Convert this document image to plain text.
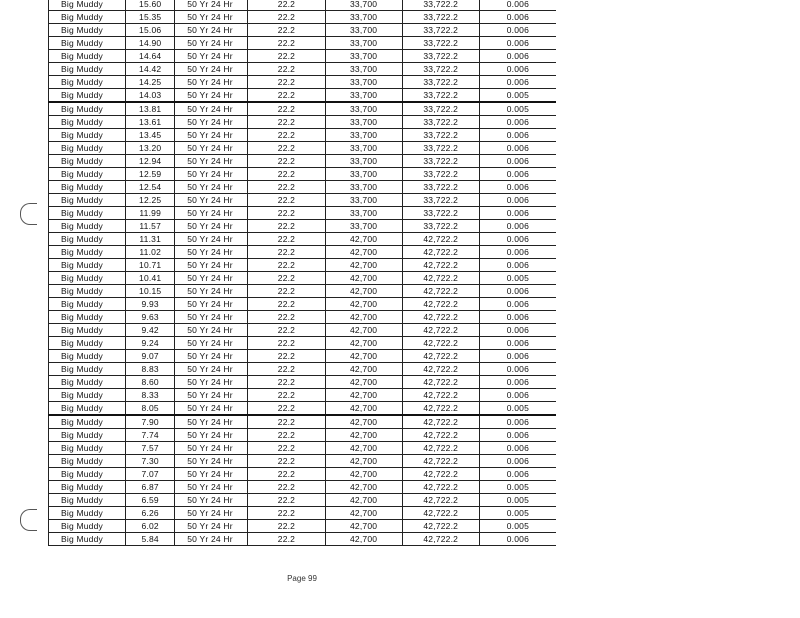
Big Muddy	15.60	50 Yr 24 Hr	22.2	33,700	33,722.2	0.006
Big Muddy	15.35	50 Yr 24 Hr	22.2	33,700	33,722.2	0.006
Big Muddy	15.06	50 Yr 24 Hr	22.2	33,700	33,722.2	0.006
Big Muddy	14.90	50 Yr 24 Hr	22.2	33,700	33,722.2	0.006
Big Muddy	14.64	50 Yr 24 Hr	22.2	33,700	33,722.2	0.006
Big Muddy	14.42	50 Yr 24 Hr	22.2	33,700	33,722.2	0.006
Big Muddy	14.25	50 Yr 24 Hr	22.2	33,700	33,722.2	0.006
Big Muddy	14.03	50 Yr 24 Hr	22.2	33,700	33,722.2	0.005
Big Muddy	13.81	50 Yr 24 Hr	22.2	33,700	33,722.2	0.005
Big Muddy	13.61	50 Yr 24 Hr	22.2	33,700	33,722.2	0.006
Big Muddy	13.45	50 Yr 24 Hr	22.2	33,700	33,722.2	0.006
Big Muddy	13.20	50 Yr 24 Hr	22.2	33,700	33,722.2	0.006
Big Muddy	12.94	50 Yr 24 Hr	22.2	33,700	33,722.2	0.006
Big Muddy	12.59	50 Yr 24 Hr	22.2	33,700	33,722.2	0.006
Big Muddy	12.54	50 Yr 24 Hr	22.2	33,700	33,722.2	0.006
Big Muddy	12.25	50 Yr 24 Hr	22.2	33,700	33,722.2	0.006
Big Muddy	11.99	50 Yr 24 Hr	22.2	33,700	33,722.2	0.006
Big Muddy	11.57	50 Yr 24 Hr	22.2	33,700	33,722.2	0.006
Big Muddy	11.31	50 Yr 24 Hr	22.2	42,700	42,722.2	0.006
Big Muddy	11.02	50 Yr 24 Hr	22.2	42,700	42,722.2	0.006
Big Muddy	10.71	50 Yr 24 Hr	22.2	42,700	42,722.2	0.006
Big Muddy	10.41	50 Yr 24 Hr	22.2	42,700	42,722.2	0.005
Big Muddy	10.15	50 Yr 24 Hr	22.2	42,700	42,722.2	0.006
Big Muddy	9.93	50 Yr 24 Hr	22.2	42,700	42,722.2	0.006
Big Muddy	9.63	50 Yr 24 Hr	22.2	42,700	42,722.2	0.006
Big Muddy	9.42	50 Yr 24 Hr	22.2	42,700	42,722.2	0.006
Big Muddy	9.24	50 Yr 24 Hr	22.2	42,700	42,722.2	0.006
Big Muddy	9.07	50 Yr 24 Hr	22.2	42,700	42,722.2	0.006
Big Muddy	8.83	50 Yr 24 Hr	22.2	42,700	42,722.2	0.006
Big Muddy	8.60	50 Yr 24 Hr	22.2	42,700	42,722.2	0.006
Big Muddy	8.33	50 Yr 24 Hr	22.2	42,700	42,722.2	0.006
Big Muddy	8.05	50 Yr 24 Hr	22.2	42,700	42,722.2	0.005
Big Muddy	7.90	50 Yr 24 Hr	22.2	42,700	42,722.2	0.006
Big Muddy	7.74	50 Yr 24 Hr	22.2	42,700	42,722.2	0.006
Big Muddy	7.57	50 Yr 24 Hr	22.2	42,700	42,722.2	0.006
Big Muddy	7.30	50 Yr 24 Hr	22.2	42,700	42,722.2	0.006
Big Muddy	7.07	50 Yr 24 Hr	22.2	42,700	42,722.2	0.006
Big Muddy	6.87	50 Yr 24 Hr	22.2	42,700	42,722.2	0.005
Big Muddy	6.59	50 Yr 24 Hr	22.2	42,700	42,722.2	0.005
Big Muddy	6.26	50 Yr 24 Hr	22.2	42,700	42,722.2	0.005
Big Muddy	6.02	50 Yr 24 Hr	22.2	42,700	42,722.2	0.005
Big Muddy	5.84	50 Yr 24 Hr	22.2	42,700	42,722.2	0.006
Page 99
